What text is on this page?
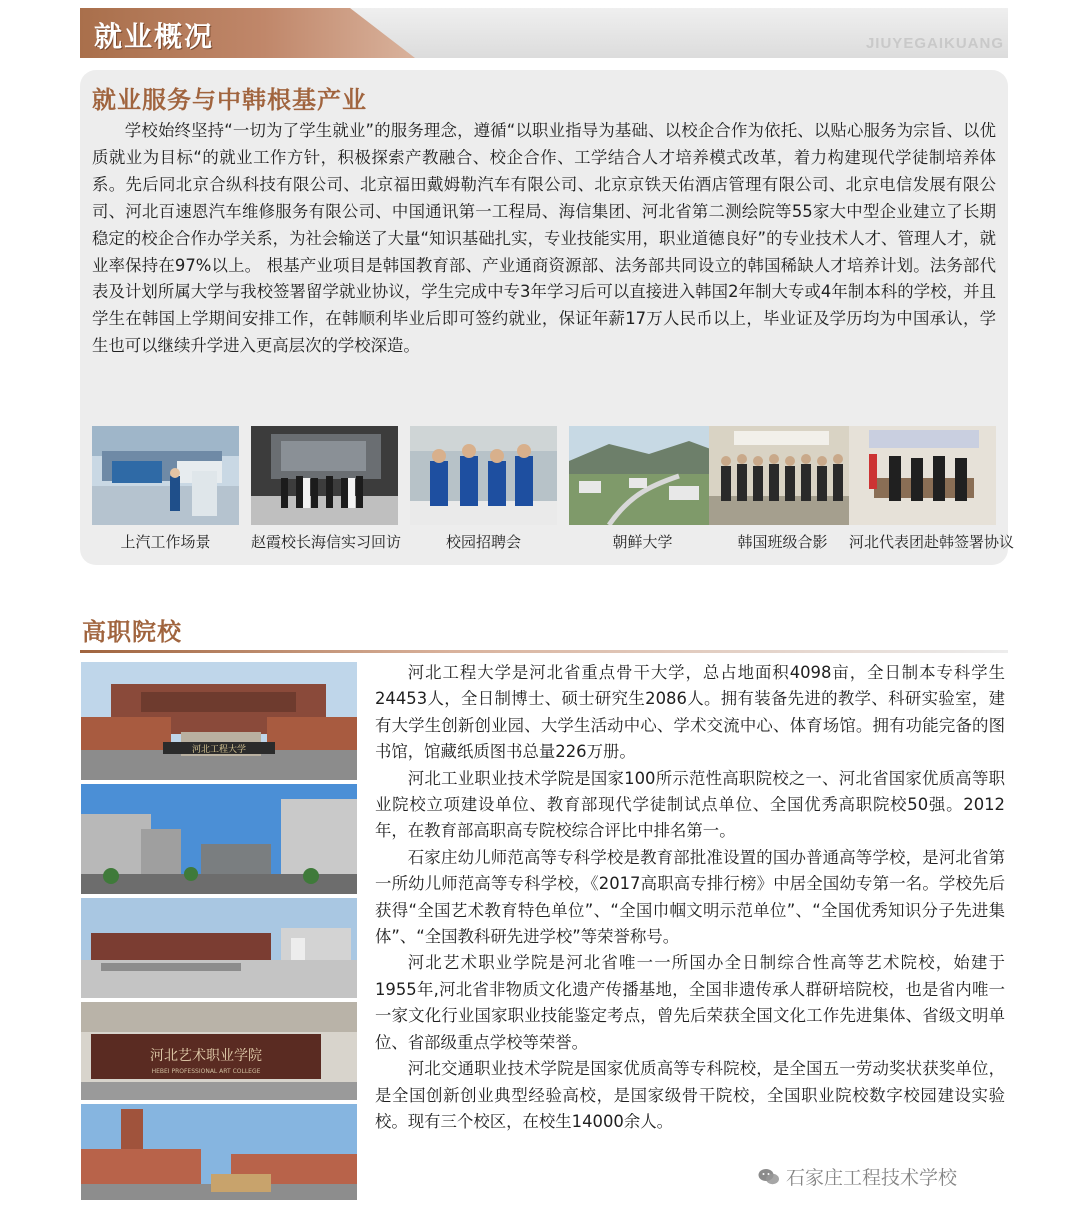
就业概况	JIUYEGAIKUANG
就业服务与中韩根基产业

学校始终坚持“一切为了学生就业”的服务理念，遵循“以职业指导为基础、以校企合作为依托、以贴心服务为宗旨、以优质就业为目标“的就业工作方针，积极探索产教融合、校企合作、工学结合人才培养模式改革，着力构建现代学徒制培养体系。先后同北京合纵科技有限公司、北京福田戴姆勒汽车有限公司、北京京铁天佑酒店管理有限公司、北京电信发展有限公司、河北百速恩汽车维修服务有限公司、中国通讯第一工程局、海信集团、河北省第二测绘院等55家大中型企业建立了长期稳定的校企合作办学关系，为社会输送了大量“知识基础扎实，专业技能实用，职业道德良好”的专业技术人才、管理人才，就业率保持在97%以上。 根基产业项目是韩国教育部、产业通商资源部、法务部共同设立的韩国稀缺人才培养计划。法务部代表及计划所属大学与我校签署留学就业协议，学生完成中专3年学习后可以直接进入韩国2年制大专或4年制本科的学校，并且学生在韩国上学期间安排工作，在韩顺利毕业后即可签约就业，保证年薪17万人民币以上，毕业证及学历均为中国承认，学生也可以继续升学进入更高层次的学校深造。

上汽工作场景	赵霞校长海信实习回访	校园招聘会	朝鲜大学	韩国班级合影	河北代表团赴韩签署协议
高职院校
河北工程大学
河北艺术职业学院
HEBEI PROFESSIONAL ART COLLEGE

河北工程大学是河北省重点骨干大学，总占地面积4098亩，全日制本专科学生24453人，全日制博士、硕士研究生2086人。拥有装备先进的教学、科研实验室，建有大学生创新创业园、大学生活动中心、学术交流中心、体育场馆。拥有功能完备的图书馆，馆藏纸质图书总量226万册。

河北工业职业技术学院是国家100所示范性高职院校之一、河北省国家优质高等职业院校立项建设单位、教育部现代学徒制试点单位、全国优秀高职院校50强。2012年，在教育部高职高专院校综合评比中排名第一。

石家庄幼儿师范高等专科学校是教育部批准设置的国办普通高等学校，是河北省第一所幼儿师范高等专科学校，《2017高职高专排行榜》中居全国幼专第一名。学校先后获得“全国艺术教育特色单位”、“全国巾帼文明示范单位”、“全国优秀知识分子先进集体”、“全国教科研先进学校”等荣誉称号。

河北艺术职业学院是河北省唯一一所国办全日制综合性高等艺术院校，始建于1955年,河北省非物质文化遗产传播基地，全国非遗传承人群研培院校，也是省内唯一一家文化行业国家职业技能鉴定考点，曾先后荣获全国文化工作先进集体、省级文明单位、省部级重点学校等荣誉。

河北交通职业技术学院是国家优质高等专科院校，是全国五一劳动奖状获奖单位，是全国创新创业典型经验高校，是国家级骨干院校，全国职业院校数字校园建设实验校。现有三个校区，在校生14000余人。

石家庄工程技术学校
